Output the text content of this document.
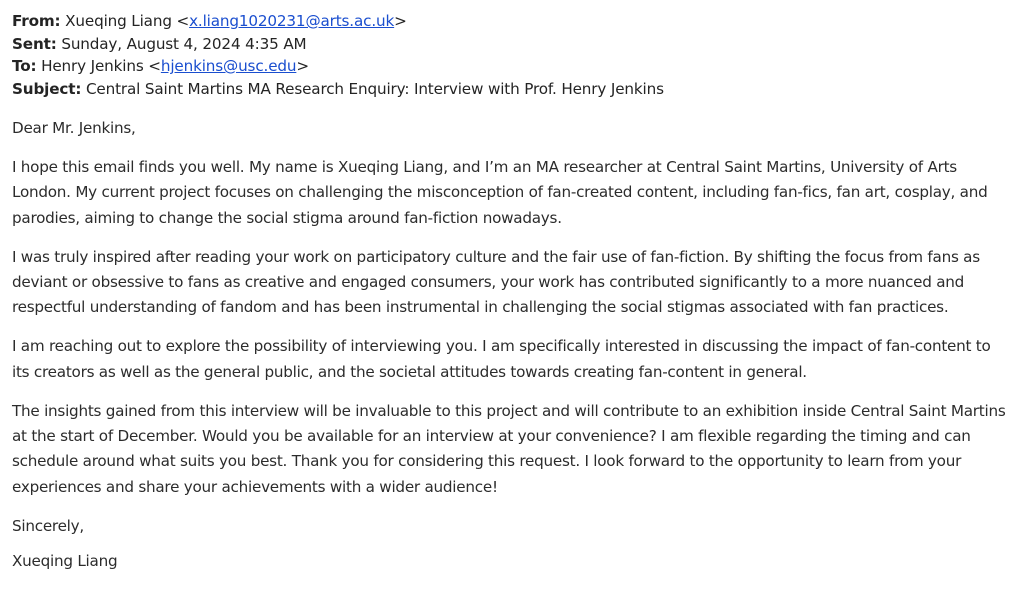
From: Xueqing Liang <x.liang1020231@arts.ac.uk>
Sent: Sunday, August 4, 2024 4:35 AM
To: Henry Jenkins <hjenkins@usc.edu>
Subject: Central Saint Martins MA Research Enquiry: Interview with Prof. Henry Jenkins

Dear Mr. Jenkins,

I hope this email finds you well. My name is Xueqing Liang, and I’m an MA researcher at Central Saint Martins, University of Arts London. My current project focuses on challenging the misconception of fan-created content, including fan-fics, fan art, cosplay, and parodies, aiming to change the social stigma around fan-fiction nowadays.

I was truly inspired after reading your work on participatory culture and the fair use of fan-fiction. By shifting the focus from fans as deviant or obsessive to fans as creative and engaged consumers, your work has contributed significantly to a more nuanced and respectful understanding of fandom and has been instrumental in challenging the social stigmas associated with fan practices.

I am reaching out to explore the possibility of interviewing you. I am specifically interested in discussing the impact of fan-content to its creators as well as the general public, and the societal attitudes towards creating fan-content in general.

The insights gained from this interview will be invaluable to this project and will contribute to an exhibition inside Central Saint Martins at the start of December. Would you be available for an interview at your convenience? I am flexible regarding the timing and can schedule around what suits you best. Thank you for considering this request. I look forward to the opportunity to learn from your experiences and share your achievements with a wider audience!

Sincerely,

Xueqing Liang
